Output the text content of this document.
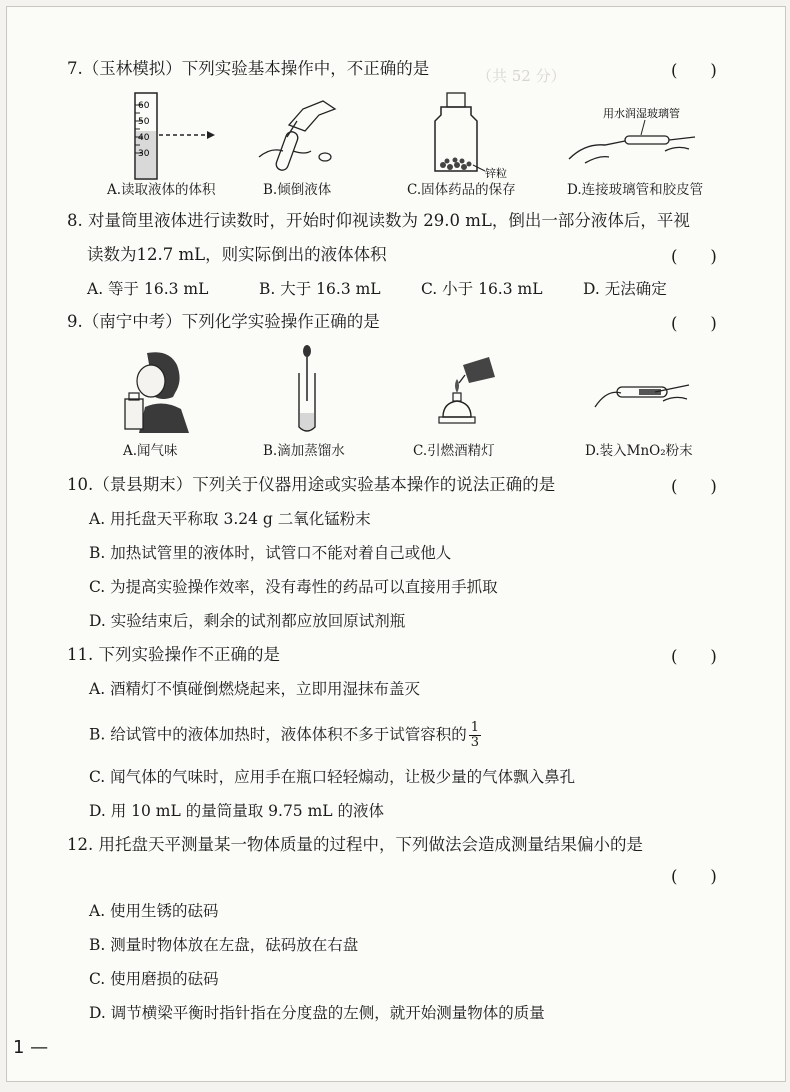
（共 52 分）
7.（玉林模拟）下列实验基本操作中，不正确的是	(　　)
60
50
40
30
A.读取液体的体积	B.倾倒液体
锌粒
C.固体药品的保存
用水润湿玻璃管
D.连接玻璃管和胶皮管
8. 对量筒里液体进行读数时，开始时仰视读数为 29.0 mL，倒出一部分液体后，平视
读数为12.7 mL，则实际倒出的液体体积	(　　)
A. 等于 16.3 mL	B. 大于 16.3 mL	C. 小于 16.3 mL	D. 无法确定
9.（南宁中考）下列化学实验操作正确的是	(　　)
A.闻气味	B.滴加蒸馏水	C.引燃酒精灯	D.装入MnO₂粉末
10.（景县期末）下列关于仪器用途或实验基本操作的说法正确的是	(　　)
A. 用托盘天平称取 3.24 g 二氧化锰粉末
B. 加热试管里的液体时，试管口不能对着自己或他人
C. 为提高实验操作效率，没有毒性的药品可以直接用手抓取
D. 实验结束后，剩余的试剂都应放回原试剂瓶
11. 下列实验操作不正确的是	(　　)
A. 酒精灯不慎碰倒燃烧起来，立即用湿抹布盖灭
B. 给试管中的液体加热时，液体体积不多于试管容积的 $\frac{1}{3}$
C. 闻气体的气味时，应用手在瓶口轻轻煽动，让极少量的气体飘入鼻孔
D. 用 10 mL 的量筒量取 9.75 mL 的液体
12. 用托盘天平测量某一物体质量的过程中，下列做法会造成测量结果偏小的是
(　　)
A. 使用生锈的砝码
B. 测量时物体放在左盘，砝码放在右盘
C. 使用磨损的砝码
D. 调节横梁平衡时指针指在分度盘的左侧，就开始测量物体的质量
1 —
